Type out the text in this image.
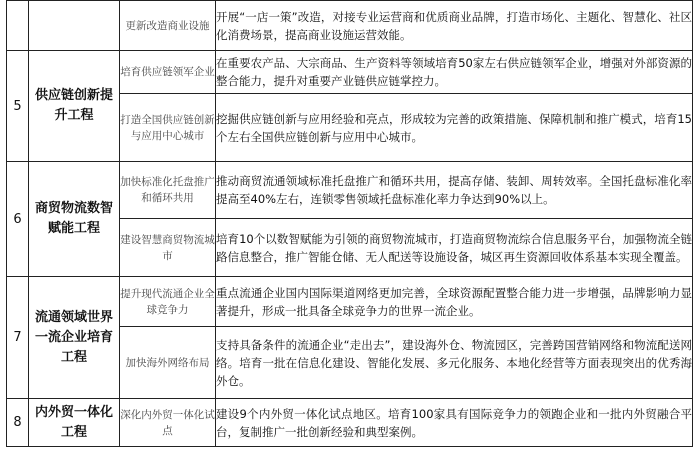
		更新改造商业设施	开展“一店一策”改造，对接专业运营商和优质商业品牌，打造市场化、主题化、智慧化、社区化消费场景，提高商业设施运营效能。
5	供应链创新提升工程	培育供应链领军企业	在重要农产品、大宗商品、生产资料等领域培育50家左右供应链领军企业，增强对外部资源的整合能力，提升对重要产业链供应链掌控力。
		打造全国供应链创新与应用中心城市	挖掘供应链创新与应用经验和亮点，形成较为完善的政策措施、保障机制和推广模式，培育15个左右全国供应链创新与应用中心城市。
6	商贸物流数智赋能工程	加快标准化托盘推广和循环共用	推动商贸流通领域标准托盘推广和循环共用，提高存储、装卸、周转效率。全国托盘标准化率提高至40%左右，连锁零售领域托盘标准化率力争达到90%以上。
		建设智慧商贸物流城市	培育10个以数智赋能为引领的商贸物流城市，打造商贸物流综合信息服务平台，加强物流全链路信息整合，推广智能仓储、无人配送等设施设备，城区再生资源回收体系基本实现全覆盖。
7	流通领域世界一流企业培育工程	提升现代流通企业全球竞争力	重点流通企业国内国际渠道网络更加完善，全球资源配置整合能力进一步增强，品牌影响力显著提升，形成一批具备全球竞争力的世界一流企业。
		加快海外网络布局	支持具备条件的流通企业“走出去”，建设海外仓、物流园区，完善跨国营销网络和物流配送网络。培育一批在信息化建设、智能化发展、多元化服务、本地化经营等方面表现突出的优秀海外仓。
8	内外贸一体化工程	深化内外贸一体化试点	建设9个内外贸一体化试点地区。培育100家具有国际竞争力的领跑企业和一批内外贸融合平台，复制推广一批创新经验和典型案例。
